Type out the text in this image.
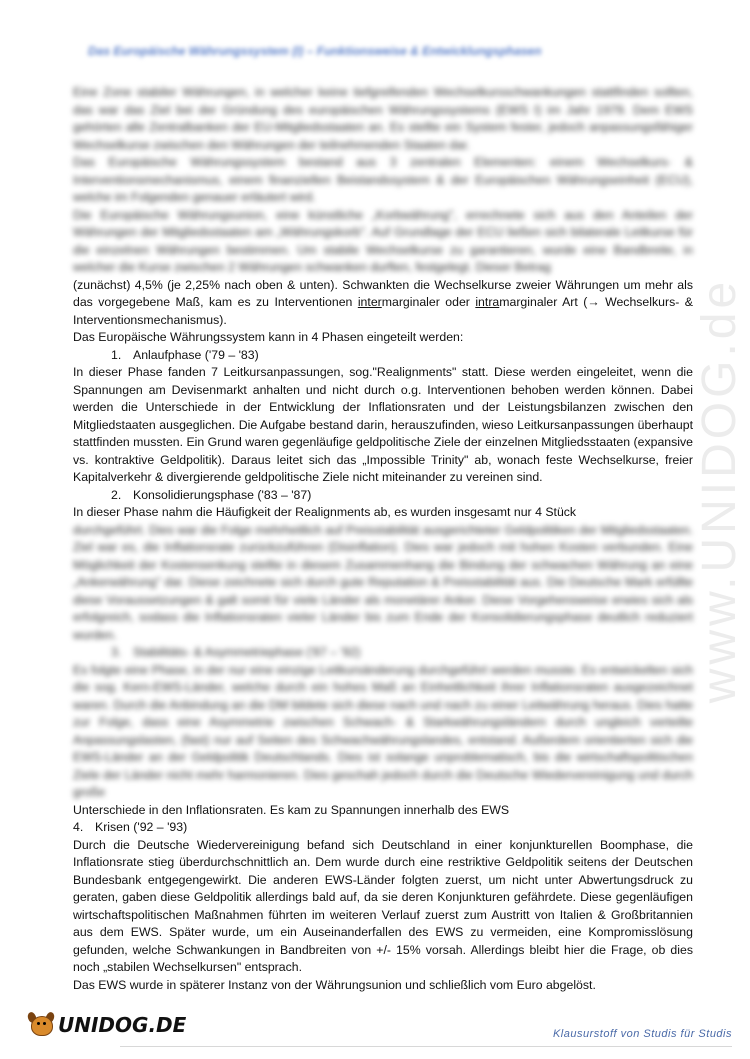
Das Europäische Währungssystem (I) – Funktionsweise & Entwicklungsphasen

Eine Zone stabiler Währungen, in welcher keine tiefgreifenden Wechselkursschwankungen stattfinden sollten, das war das Ziel bei der Gründung des europäischen Währungssystems (EWS I) im Jahr 1979. Dem EWS gehörten alle Zentralbanken der EU-Mitgliedsstaaten an. Es stellte ein System fester, jedoch anpassungsfähiger Wechselkurse zwischen den Währungen der teilnehmenden Staaten dar.

Das Europäische Währungssystem bestand aus 3 zentralen Elementen: einem Wechselkurs- & Interventionsmechanismus, einem finanziellen Beistandssystem & der Europäischen Währungseinheit (ECU), welche im Folgenden genauer erläutert wird.

Die Europäische Währungsunion, eine künstliche „Korbwährung", errechnete sich aus den Anteilen der Währungen der Mitgliedsstaaten am „Währungskorb". Auf Grundlage der ECU ließen sich bilaterale Leitkurse für die einzelnen Währungen bestimmen. Um stabile Wechselkurse zu garantieren, wurde eine Bandbreite, in welcher die Kurse zwischen 2 Währungen schwanken durften, festgelegt. Dieser Betrag

(zunächst) 4,5% (je 2,25% nach oben & unten). Schwankten die Wechselkurse zweier Währungen um mehr als das vorgegebene Maß, kam es zu Interventionen intermarginaler oder intramarginaler Art (→ Wechselkurs- & Interventionsmechanismus).

Das Europäische Währungssystem kann in 4 Phasen eingeteilt werden:

1. Anlaufphase ('79 – '83)

In dieser Phase fanden 7 Leitkursanpassungen, sog."Realignments" statt. Diese werden eingeleitet, wenn die Spannungen am Devisenmarkt anhalten und nicht durch o.g. Interventionen behoben werden können. Dabei werden die Unterschiede in der Entwicklung der Inflationsraten und der Leistungsbilanzen zwischen den Mitgliedstaaten ausgeglichen. Die Aufgabe bestand darin, herauszufinden, wieso Leitkursanpassungen überhaupt stattfinden mussten. Ein Grund waren gegenläufige geldpolitische Ziele der einzelnen Mitgliedsstaaten (expansive vs. kontraktive Geldpolitik). Daraus leitet sich das „Impossible Trinity" ab, wonach feste Wechselkurse, freier Kapitalverkehr & divergierende geldpolitische Ziele nicht miteinander zu vereinen sind.

2. Konsolidierungsphase ('83 – '87)

In dieser Phase nahm die Häufigkeit der Realignments ab, es wurden insgesamt nur 4 Stück

durchgeführt. Dies war die Folge mehrheitlich auf Preisstabilität ausgerichteter Geldpolitiken der Mitgliedsstaaten. Ziel war es, die Inflationsrate zurückzuführen (Disinflation). Dies war jedoch mit hohen Kosten verbunden. Eine Möglichkeit der Kostensenkung stellte in diesem Zusammenhang die Bindung der schwachen Währung an eine „Ankerwährung" dar. Diese zeichnete sich durch gute Reputation & Preisstabilität aus. Die Deutsche Mark erfüllte diese Voraussetzungen & galt somit für viele Länder als monetärer Anker. Diese Vorgehensweise erwies sich als erfolgreich, sodass die Inflationsraten vieler Länder bis zum Ende der Konsolidierungsphase deutlich reduziert wurden.

3. Stabilitäts- & Asymmetriephase ('87 – '92)

Es folgte eine Phase, in der nur eine einzige Leitkursänderung durchgeführt werden musste. Es entwickelten sich die sog. Kern-EWS-Länder, welche durch ein hohes Maß an Einheitlichkeit ihrer Inflationsraten ausgezeichnet waren. Durch die Anbindung an die DM bildete sich diese nach und nach zu einer Leitwährung heraus. Dies hatte zur Folge, dass eine Asymmetrie zwischen Schwach- & Starkwährungsländern durch ungleich verteilte Anpassungslasten, (fast) nur auf Seiten des Schwachwährungslandes, entstand. Außerdem orientierten sich die EWS-Länder an der Geldpolitik Deutschlands. Dies ist solange unproblematisch, bis die wirtschaftspolitischen Ziele der Länder nicht mehr harmonieren. Dies geschah jedoch durch die Deutsche Wiedervereinigung und durch große

Unterschiede in den Inflationsraten. Es kam zu Spannungen innerhalb des EWS

4. Krisen ('92 – '93)

Durch die Deutsche Wiedervereinigung befand sich Deutschland in einer konjunkturellen Boomphase, die Inflationsrate stieg überdurchschnittlich an. Dem wurde durch eine restriktive Geldpolitik seitens der Deutschen Bundesbank entgegengewirkt. Die anderen EWS-Länder folgten zuerst, um nicht unter Abwertungsdruck zu geraten, gaben diese Geldpolitik allerdings bald auf, da sie deren Konjunkturen gefährdete. Diese gegenläufigen wirtschaftspolitischen Maßnahmen führten im weiteren Verlauf zuerst zum Austritt von Italien & Großbritannien aus dem EWS. Später wurde, um ein Auseinanderfallen des EWS zu vermeiden, eine Kompromisslösung gefunden, welche Schwankungen in Bandbreiten von +/- 15% vorsah. Allerdings bleibt hier die Frage, ob dies noch „stabilen Wechselkursen" entsprach.

Das EWS wurde in späterer Instanz von der Währungsunion und schließlich vom Euro abgelöst.

www.UNIDOG.de
UNIDOG.DE	Klausurstoff von Studis für Studis
